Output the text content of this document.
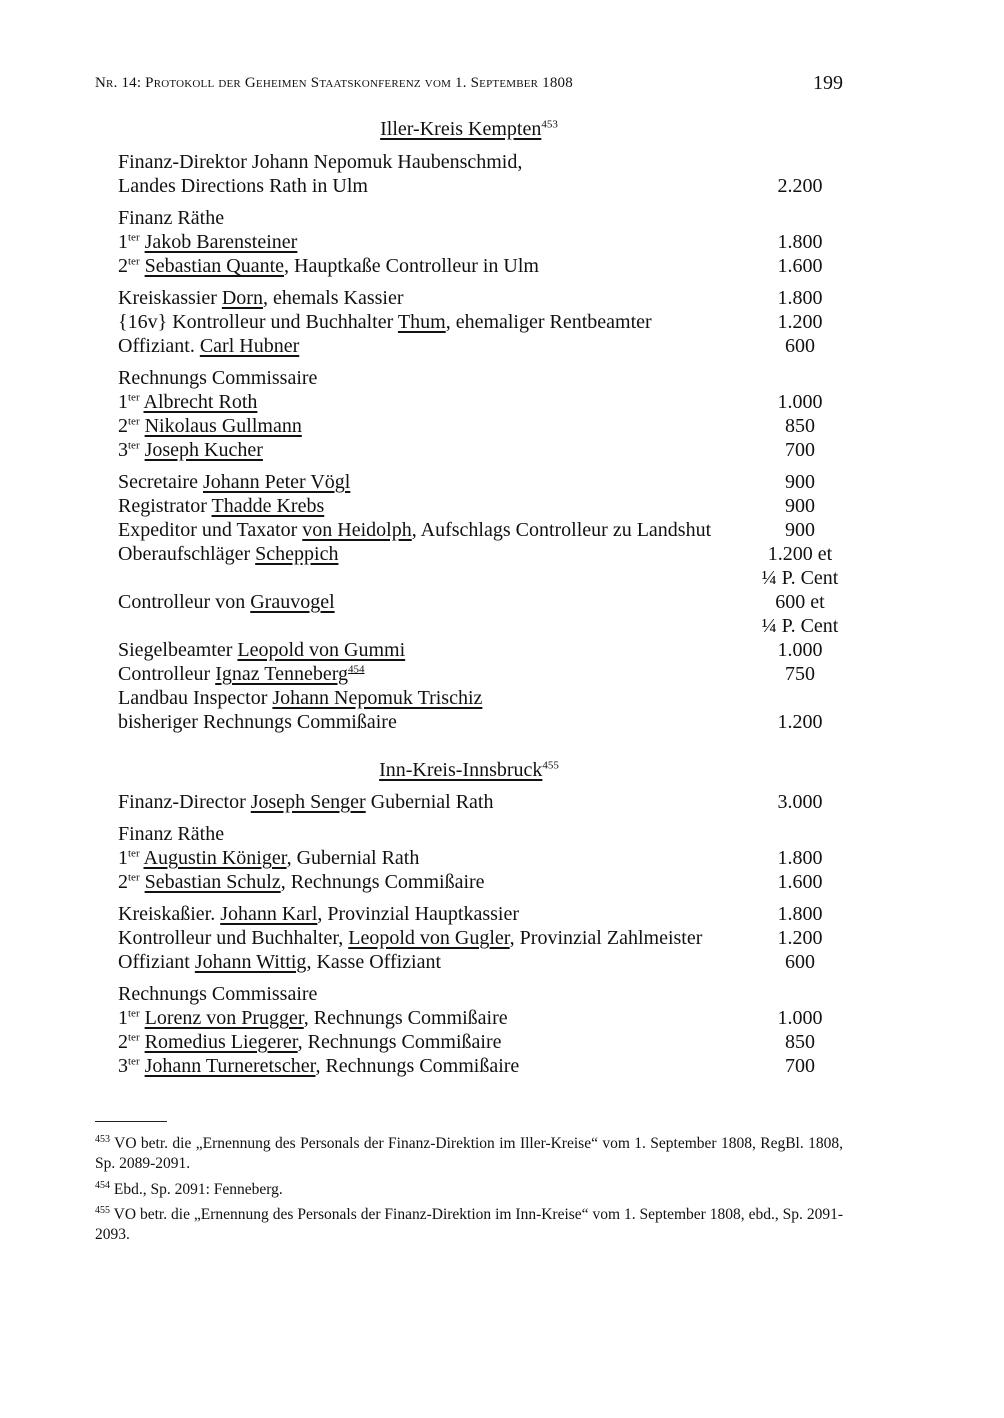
Nr. 14: Protokoll der Geheimen Staatskonferenz vom 1. September 1808	199
Iller-Kreis Kempten$^{453}$
Finanz-Direktor Johann Nepomuk Haubenschmid,
Landes Directions Rath in Ulm	2.200
Finanz Räthe
$1^{ter}$ Jakob Barensteiner	1.800
$2^{ter}$ Sebastian Quante, Hauptkaße Controlleur in Ulm	1.600
Kreiskassier Dorn, ehemals Kassier	1.800
{16v} Kontrolleur und Buchhalter Thum, ehemaliger Rentbeamter	1.200
Offiziant. Carl Hubner	600
Rechnungs Commissaire
$1^{ter}$ Albrecht Roth	1.000
$2^{ter}$ Nikolaus Gullmann	850
$3^{ter}$ Joseph Kucher	700
Secretaire Johann Peter Vögl	900
Registrator Thadde Krebs	900
Expeditor und Taxator von Heidolph, Aufschlags Controlleur zu Landshut	900
Oberaufschläger Scheppich	1.200 et
¼ P. Cent
Controlleur von Grauvogel	600 et
¼ P. Cent
Siegelbeamter Leopold von Gummi	1.000
Controlleur Ignaz Tenneberg$^{454}$	750
Landbau Inspector Johann Nepomuk Trischiz
bisheriger Rechnungs Commißaire	1.200
Inn-Kreis-Innsbruck$^{455}$
Finanz-Director Joseph Senger Gubernial Rath	3.000
Finanz Räthe
$1^{ter}$ Augustin Königer, Gubernial Rath	1.800
$2^{ter}$ Sebastian Schulz, Rechnungs Commißaire	1.600
Kreiskaßier. Johann Karl, Provinzial Hauptkassier	1.800
Kontrolleur und Buchhalter, Leopold von Gugler, Provinzial Zahlmeister	1.200
Offiziant Johann Wittig, Kasse Offiziant	600
Rechnungs Commissaire
$1^{ter}$ Lorenz von Prugger, Rechnungs Commißaire	1.000
$2^{ter}$ Romedius Liegerer, Rechnungs Commißaire	850
$3^{ter}$ Johann Turneretscher, Rechnungs Commißaire	700
$^{453}$ VO betr. die „Ernennung des Personals der Finanz-Direktion im Iller-Kreise“ vom 1. September 1808, RegBl. 1808, Sp. 2089-2091.
$^{454}$ Ebd., Sp. 2091: Fenneberg.
$^{455}$ VO betr. die „Ernennung des Personals der Finanz-Direktion im Inn-Kreise“ vom 1. September 1808, ebd., Sp. 2091-2093.
